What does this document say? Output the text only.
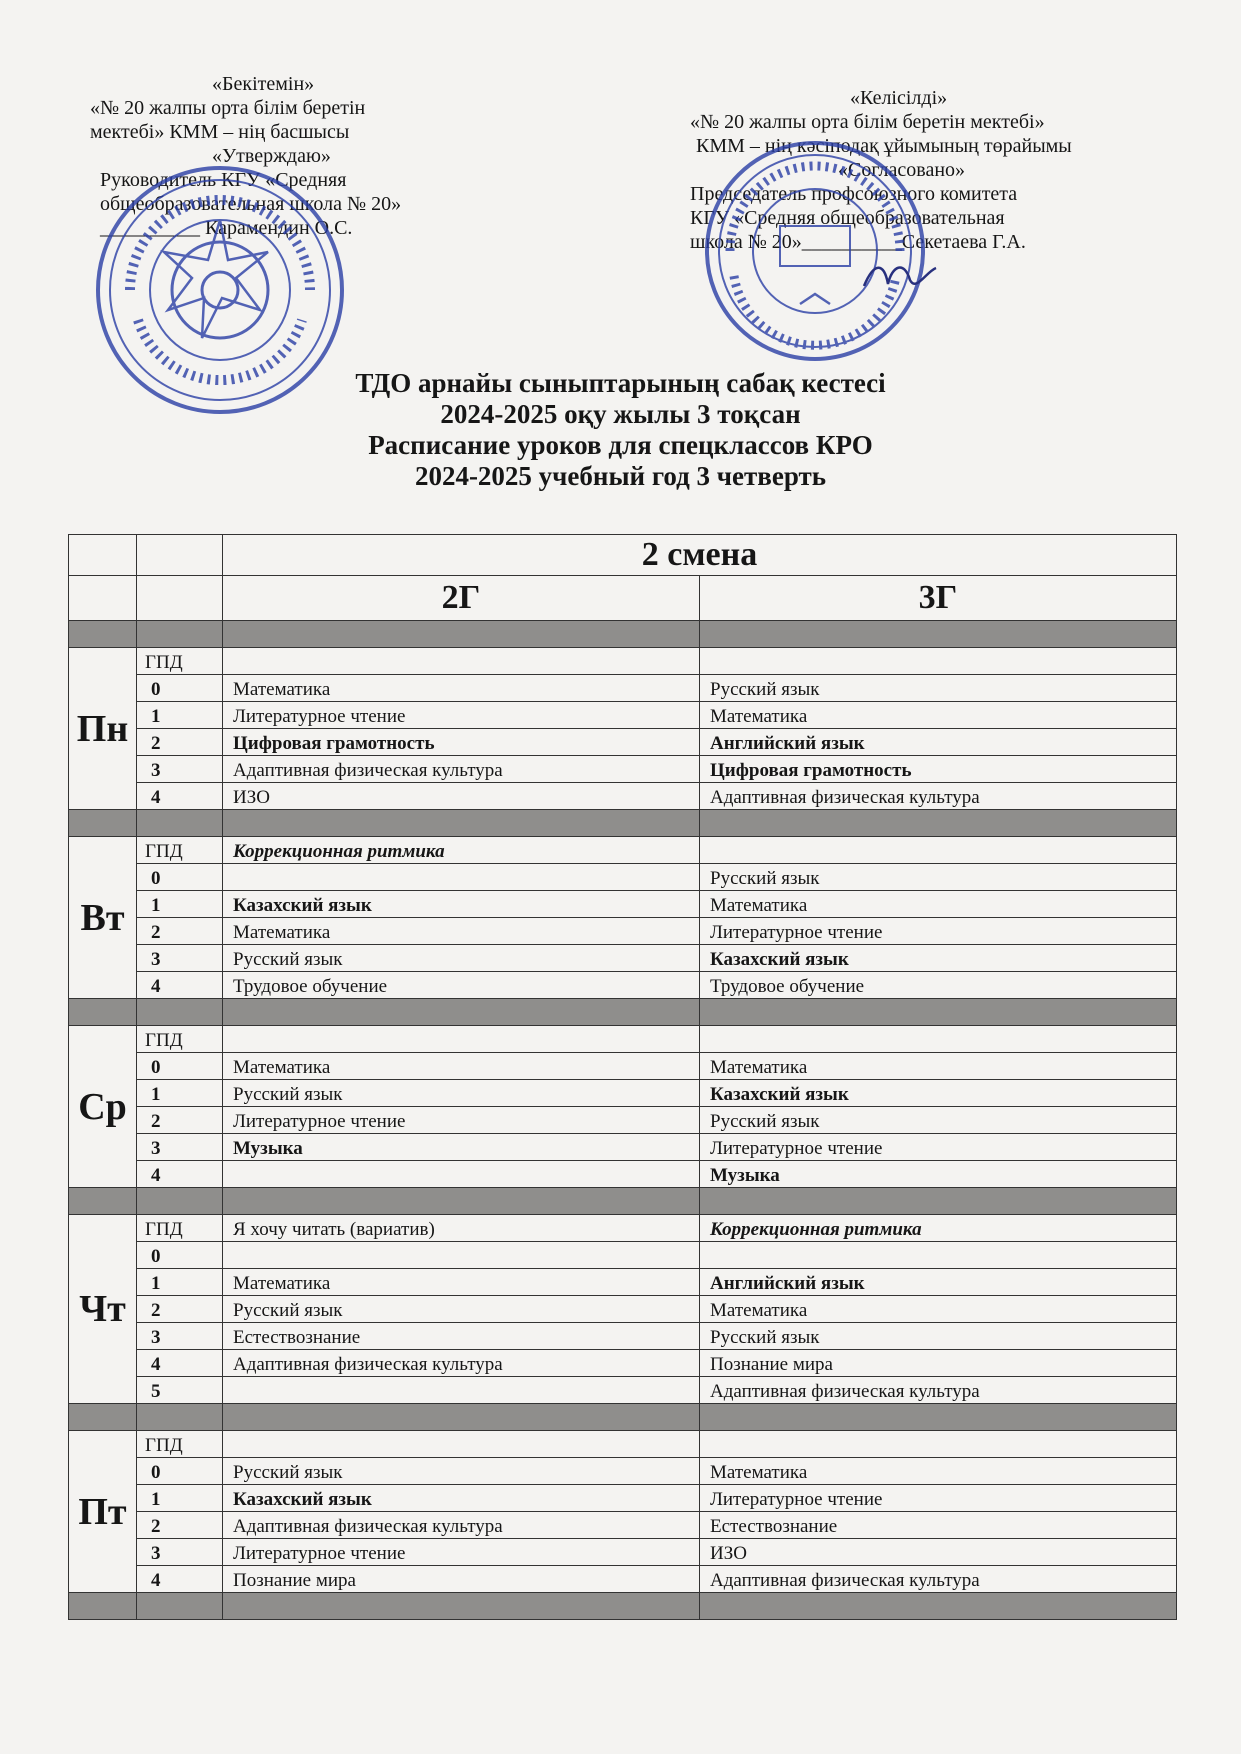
«Бекітемін»
«№ 20 жалпы орта білім беретін
мектебі» КММ – нің басшысы
«Утверждаю»
Руководитель КГУ «Средняя
общеобразовательная школа № 20»
__________ Карамендин О.С.
«Келісілді»
«№ 20 жалпы орта білім беретін мектебі»
КММ – нің кәсіподақ ұйымының төрайымы
«Согласовано»
Председатель профсоюзного комитета
КГУ «Средняя общеобразовательная
школа № 20»__________Секетаева Г.А.
ТДО арнайы сыныптарының сабақ кестесі
2024-2025 оқу жылы 3 тоқсан
Расписание уроков для спецклассов КРО
2024-2025 учебный год 3 четверть
		2 смена	
		2Г	3Г

Пн	ГПД		
	0	Математика	Русский язык
	1	Литературное чтение	Математика
	2	Цифровая грамотность	Английский язык
	3	Адаптивная физическая культура	Цифровая грамотность
	4	ИЗО	Адаптивная физическая культура

Вт	ГПД	Коррекционная ритмика	
	0		Русский язык
	1	Казахский язык	Математика
	2	Математика	Литературное чтение
	3	Русский язык	Казахский язык
	4	Трудовое обучение	Трудовое обучение

Ср	ГПД		
	0	Математика	Математика
	1	Русский язык	Казахский язык
	2	Литературное чтение	Русский язык
	3	Музыка	Литературное чтение
	4		Музыка

Чт	ГПД	Я хочу читать (вариатив)	Коррекционная ритмика
	0		
	1	Математика	Английский язык
	2	Русский язык	Математика
	3	Естествознание	Русский язык
	4	Адаптивная физическая культура	Познание мира
	5		Адаптивная физическая культура

Пт	ГПД		
	0	Русский язык	Математика
	1	Казахский язык	Литературное чтение
	2	Адаптивная физическая культура	Естествознание
	3	Литературное чтение	ИЗО
	4	Познание мира	Адаптивная физическая культура
